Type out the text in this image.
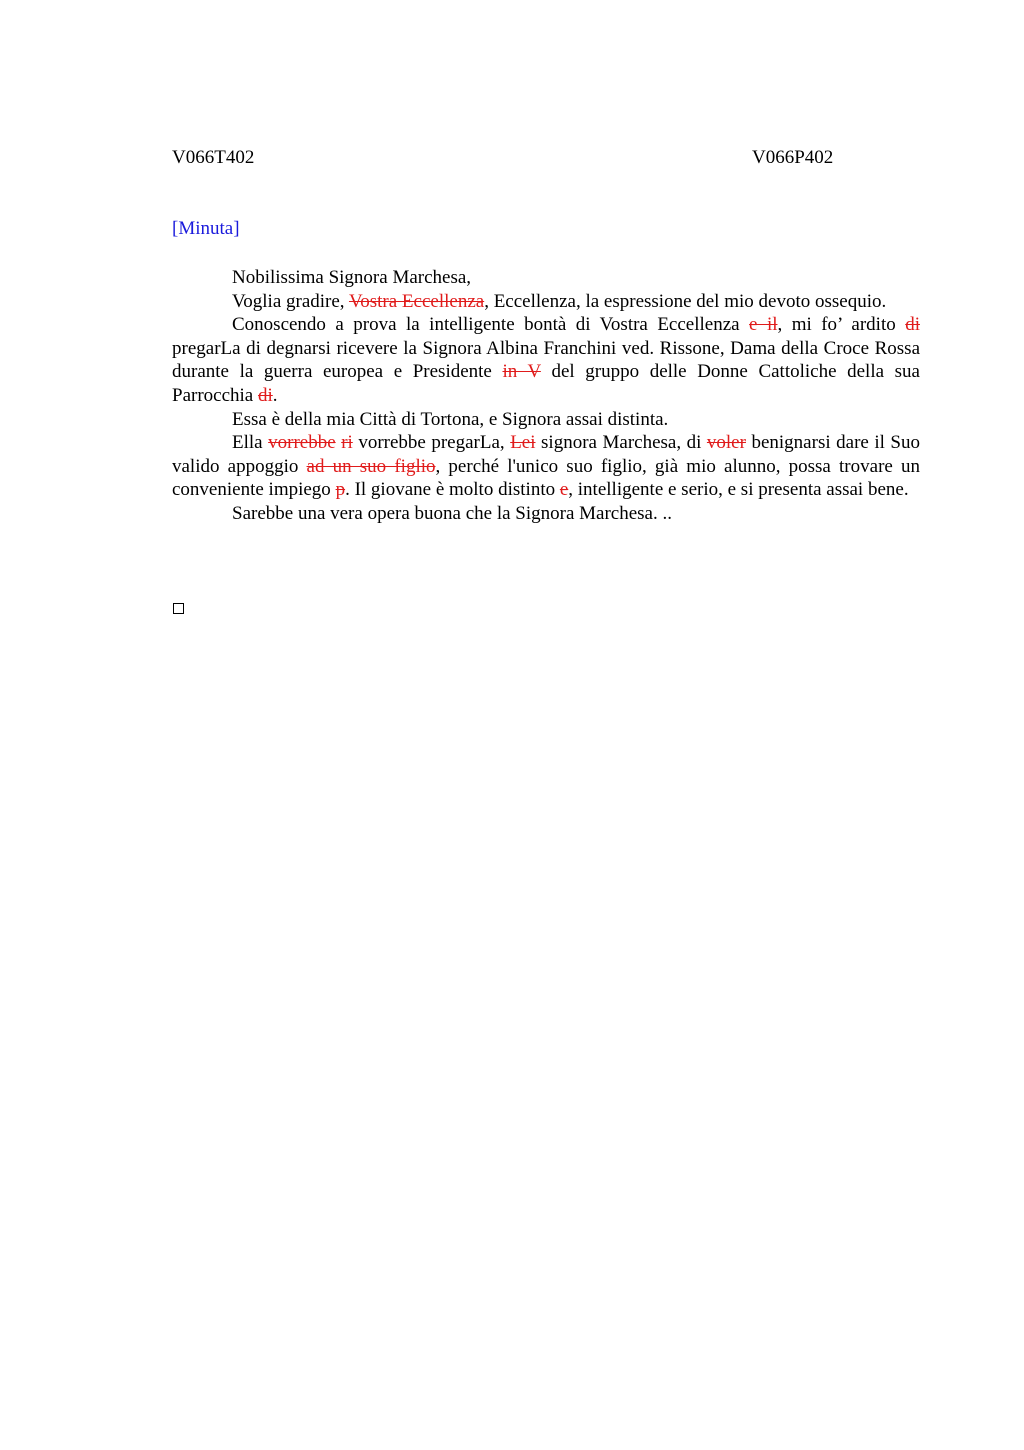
V066T402	V066P402
[Minuta]

Nobilissima Signora Marchesa,

Voglia gradire, Vostra Eccellenza, Eccellenza, la espressione del mio devoto ossequio.

Conoscendo a prova la intelligente bontà di Vostra Eccellenza e il, mi fo’ ardito di pregarLa di degnarsi ricevere la Signora Albina Franchini ved. Rissone, Dama della Croce Rossa durante la guerra europea e Presidente in V del gruppo delle Donne Cattoliche della sua Parrocchia di.

Essa è della mia Città di Tortona, e Signora assai distinta.

Ella vorrebbe ri vorrebbe pregarLa, Lei signora Marchesa, di voler benignarsi dare il Suo valido appoggio ad un suo figlio, perché l'unico suo figlio, già mio alunno, possa trovare un conveniente impiego p. Il giovane è molto distinto e, intelligente e serio, e si presenta assai bene.

Sarebbe una vera opera buona che la Signora Marchesa. ..
